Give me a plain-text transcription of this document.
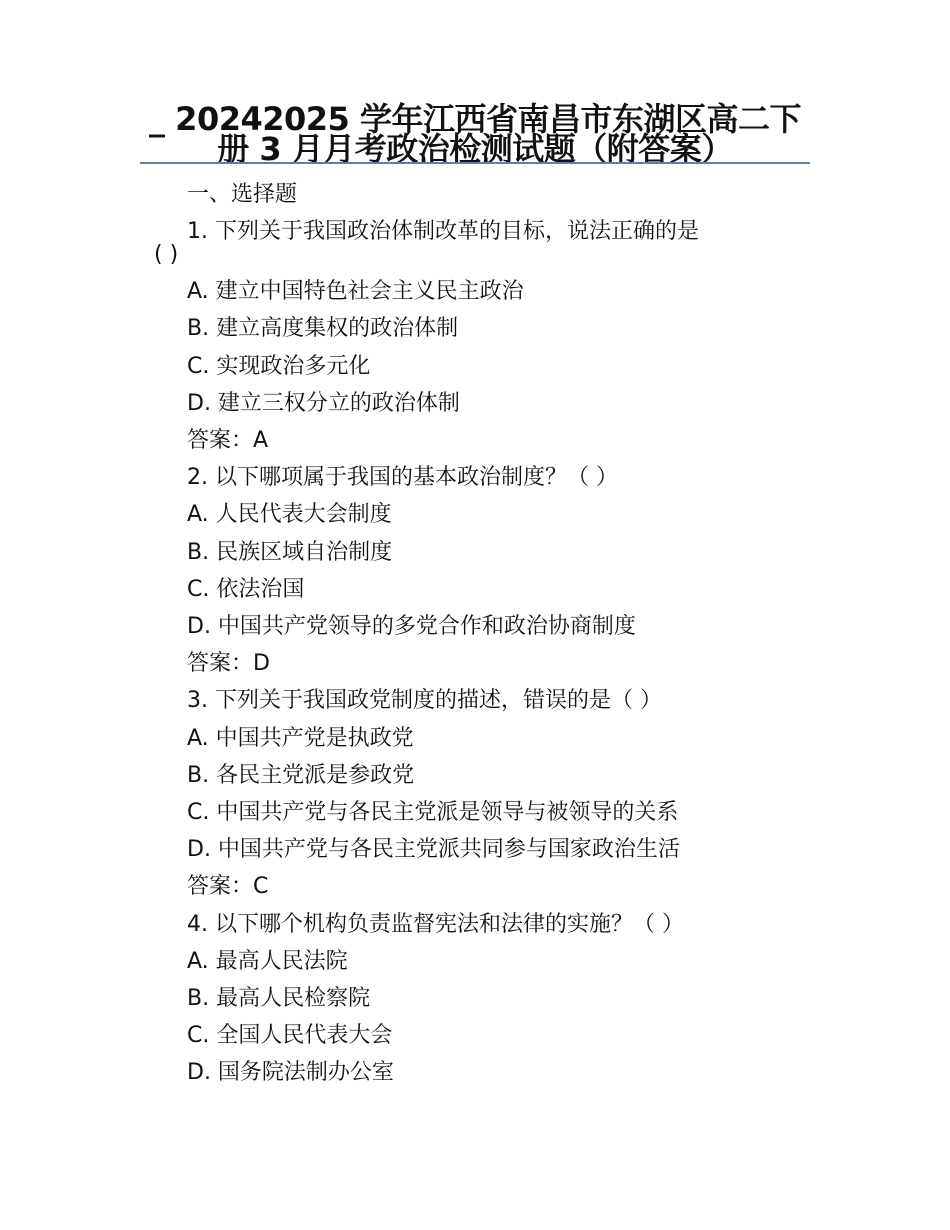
_ 20242025 学年江西省南昌市东湖区高二下册 3 月月考政治检测试题（附答案）
一、选择题
1. 下列关于我国政治体制改革的目标，说法正确的是
( )
A. 建立中国特色社会主义民主政治
B. 建立高度集权的政治体制
C. 实现政治多元化
D. 建立三权分立的政治体制
答案：A
2. 以下哪项属于我国的基本政治制度？（ ）
A. 人民代表大会制度
B. 民族区域自治制度
C. 依法治国
D. 中国共产党领导的多党合作和政治协商制度
答案：D
3. 下列关于我国政党制度的描述，错误的是（ ）
A. 中国共产党是执政党
B. 各民主党派是参政党
C. 中国共产党与各民主党派是领导与被领导的关系
D. 中国共产党与各民主党派共同参与国家政治生活
答案：C
4. 以下哪个机构负责监督宪法和法律的实施？（ ）
A. 最高人民法院
B. 最高人民检察院
C. 全国人民代表大会
D. 国务院法制办公室
